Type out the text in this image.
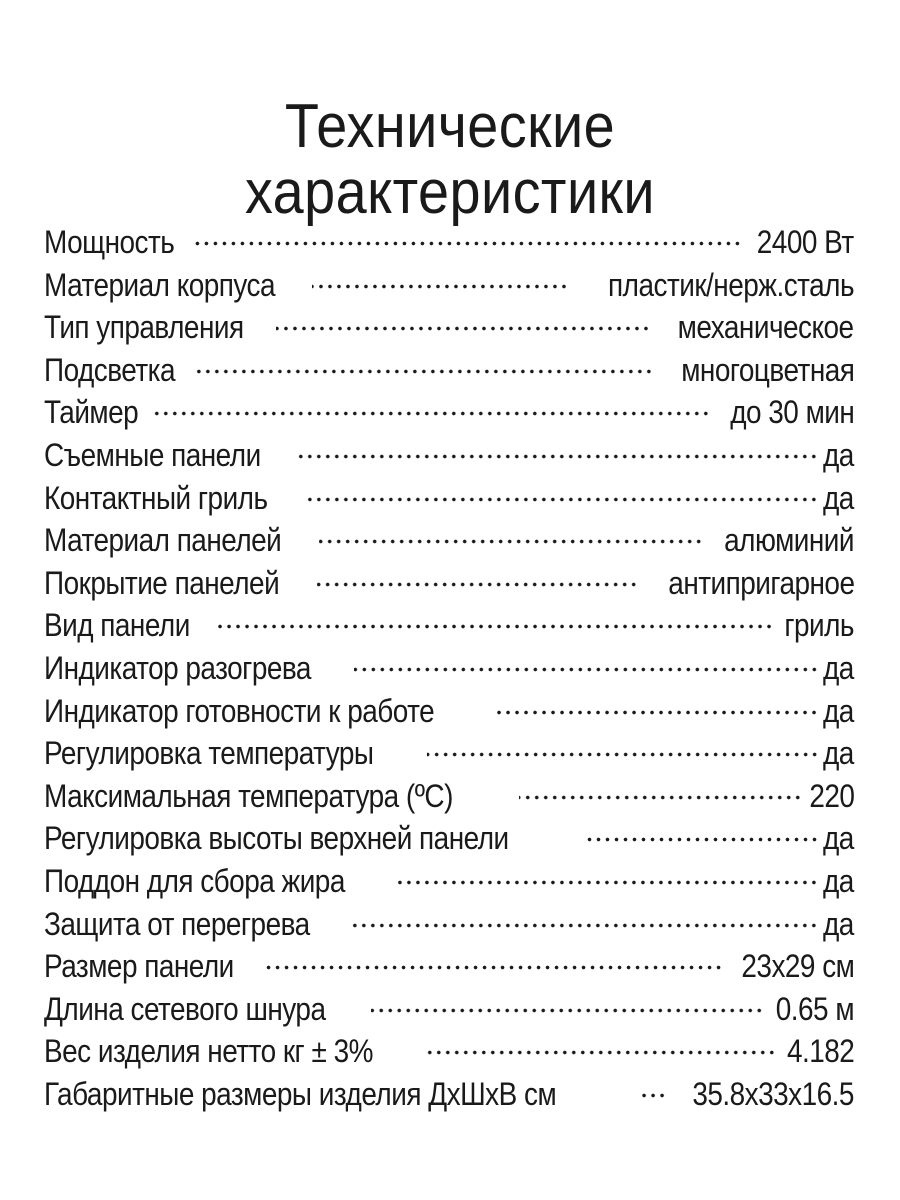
Технические
характеристики
Мощность	2400 Вт
Материал корпуса	пластик/нерж.сталь
Тип управления	механическое
Подсветка	многоцветная
Таймер	до 30 мин
Съемные панели	да
Контактный гриль	да
Материал панелей	алюминий
Покрытие панелей	антипригарное
Вид панели	гриль
Индикатор разогрева	да
Индикатор готовности к работе	да
Регулировка температуры	да
Максимальная температура (ºС)	220
Регулировка высоты верхней панели	да
Поддон для сбора жира	да
Защита от перегрева	да
Размер панели	23x29 см
Длина сетевого шнура	0.65 м
Вес изделия нетто кг ± 3%	4.182
Габаритные размеры изделия ДхШхВ см	35.8x33x16.5
